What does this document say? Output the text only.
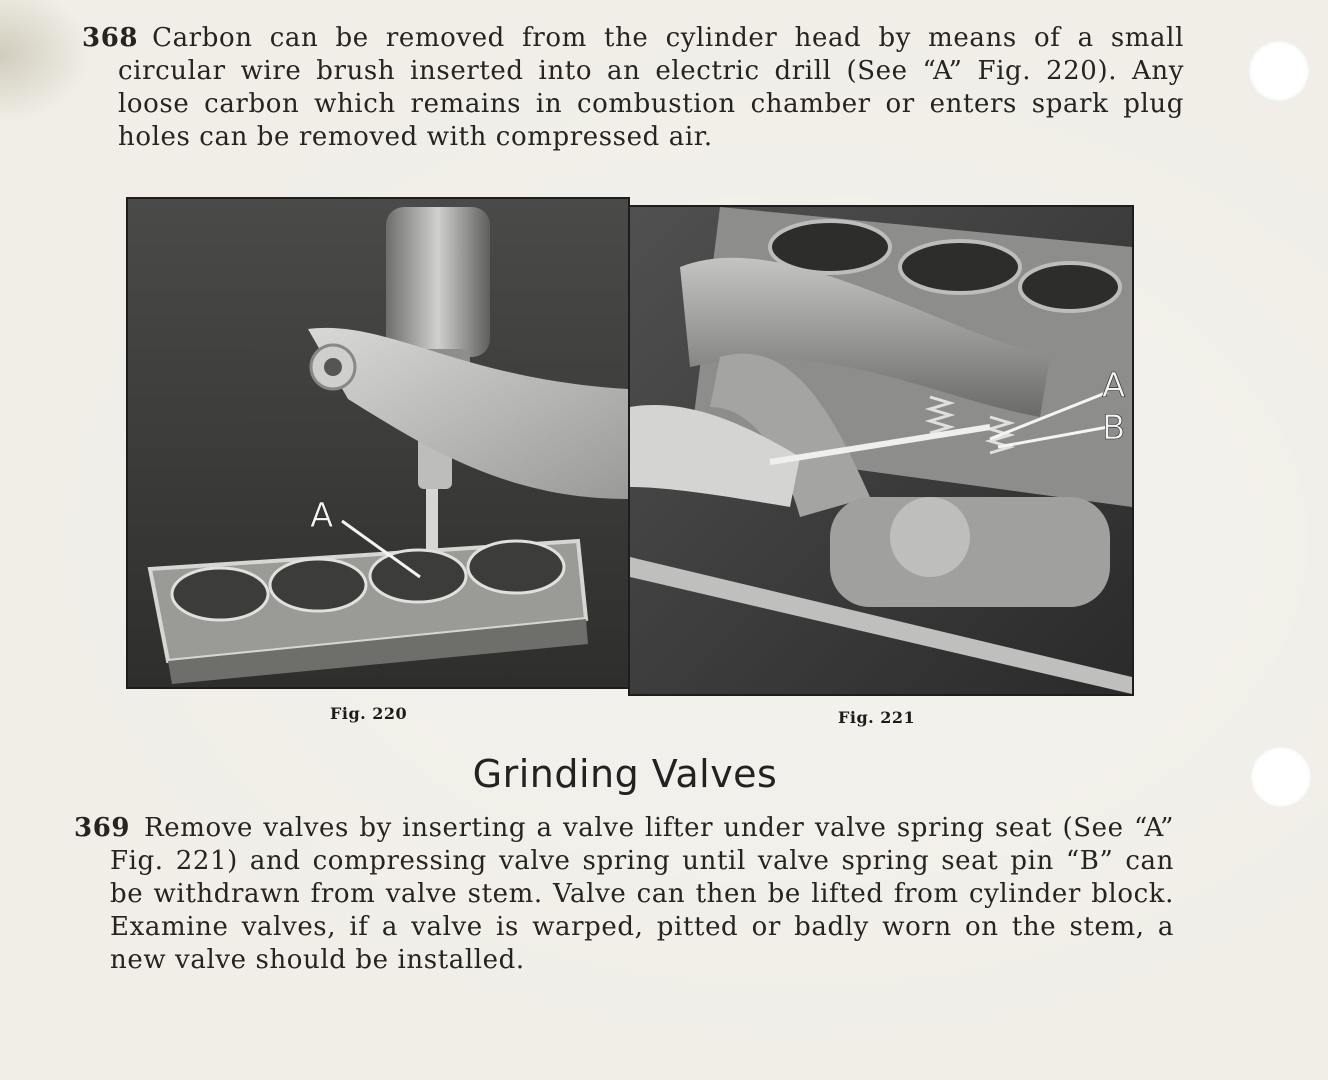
368 Carbon can be removed from the cylinder head by means of a small circular wire brush inserted into an electric drill (See “A” Fig. 220). Any loose carbon which remains in combustion chamber or enters spark plug holes can be removed with compressed air.

A
A
B
Fig. 220	Fig. 221
Grinding Valves

369 Remove valves by inserting a valve lifter under valve spring seat (See “A” Fig. 221) and compressing valve spring until valve spring seat pin “B” can be withdrawn from valve stem. Valve can then be lifted from cylinder block. Examine valves, if a valve is warped, pitted or badly worn on the stem, a new valve should be installed.
